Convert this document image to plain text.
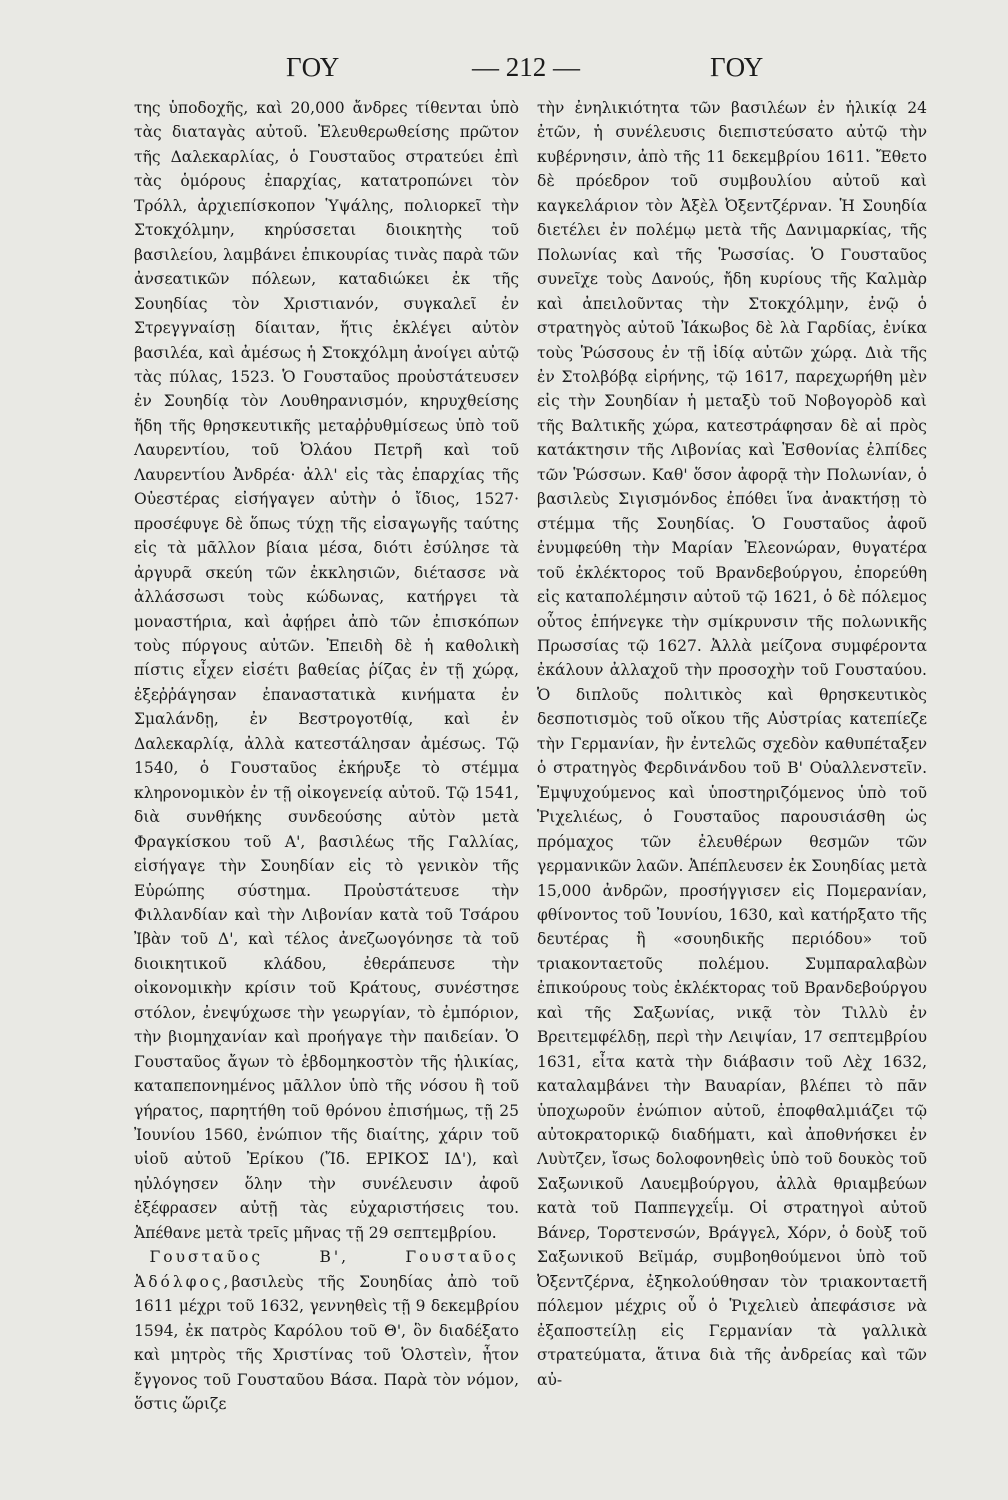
ΓΟΥ	— 212 —	ΓΟΥ

της ὑποδοχῆς, καὶ 20,000 ἄνδρες τίθενται ὑπὸ τὰς διαταγὰς αὐτοῦ. Ἐλευθερωθείσης πρῶτον τῆς Δαλεκαρλίας, ὁ Γουσταῦος στρατεύει ἐπὶ τὰς ὁμόρους ἐπαρχίας, κατατροπώνει τὸν Τρόλλ, ἀρχιεπίσκοπον Ὑψάλης, πολιορκεῖ τὴν Στοκχόλμην, κηρύσσεται διοικητὴς τοῦ βασιλείου, λαμβάνει ἐπικουρίας τινὰς παρὰ τῶν ἀνσεατικῶν πόλεων, καταδιώκει ἐκ τῆς Σουηδίας τὸν Χριστιανόν, συγκαλεῖ ἐν Στρεγγναίσῃ δίαιταν, ἥτις ἐκλέγει αὐτὸν βασιλέα, καὶ ἀμέσως ἡ Στοκχόλμη ἀνοίγει αὐτῷ τὰς πύλας, 1523. Ὁ Γουσταῦος προὐστάτευσεν ἐν Σουηδίᾳ τὸν Λουθηρανισμόν, κηρυχθείσης ἤδη τῆς θρησκευτικῆς μεταῤῥυθμίσεως ὑπὸ τοῦ Λαυρεντίου, τοῦ Ὀλάου Πετρῆ καὶ τοῦ Λαυρεντίου Ἀνδρέα· ἀλλ' εἰς τὰς ἐπαρχίας τῆς Οὐεστέρας εἰσήγαγεν αὐτὴν ὁ ἴδιος, 1527· προσέφυγε δὲ ὅπως τύχῃ τῆς εἰσαγωγῆς ταύτης εἰς τὰ μᾶλλον βίαια μέσα, διότι ἐσύλησε τὰ ἀργυρᾶ σκεύη τῶν ἐκκλησιῶν, διέτασσε νὰ ἀλλάσσωσι τοὺς κώδωνας, κατήργει τὰ μοναστήρια, καὶ ἀφῄρει ἀπὸ τῶν ἐπισκόπων τοὺς πύργους αὐτῶν. Ἐπειδὴ δὲ ἡ καθολικὴ πίστις εἶχεν εἰσέτι βαθείας ῥίζας ἐν τῇ χώρᾳ, ἐξεῤῥάγησαν ἐπαναστατικὰ κινήματα ἐν Σμαλάνδῃ, ἐν Βεστρογοτθίᾳ, καὶ ἐν Δαλεκαρλίᾳ, ἀλλὰ κατεστάλησαν ἀμέσως. Τῷ 1540, ὁ Γουσταῦος ἐκήρυξε τὸ στέμμα κληρονομικὸν ἐν τῇ οἰκογενείᾳ αὐτοῦ. Τῷ 1541, διὰ συνθήκης συνδεούσης αὐτὸν μετὰ Φραγκίσκου τοῦ Α', βασιλέως τῆς Γαλλίας, εἰσήγαγε τὴν Σουηδίαν εἰς τὸ γενικὸν τῆς Εὐρώπης σύστημα. Προὐστάτευσε τὴν Φιλλανδίαν καὶ τὴν Λιβονίαν κατὰ τοῦ Τσάρου Ἰβὰν τοῦ Δ', καὶ τέλος ἀνεζωογόνησε τὰ τοῦ διοικητικοῦ κλάδου, ἐθεράπευσε τὴν οἰκονομικὴν κρίσιν τοῦ Κράτους, συνέστησε στόλον, ἐνεψύχωσε τὴν γεωργίαν, τὸ ἐμπόριον, τὴν βιομηχανίαν καὶ προήγαγε τὴν παιδείαν. Ὁ Γουσταῦος ἄγων τὸ ἑβδομηκοστὸν τῆς ἡλικίας, καταπεπονημένος μᾶλλον ὑπὸ τῆς νόσου ἢ τοῦ γήρατος, παρητήθη τοῦ θρόνου ἐπισήμως, τῇ 25 Ἰουνίου 1560, ἐνώπιον τῆς διαίτης, χάριν τοῦ υἱοῦ αὐτοῦ Ἐρίκου (Ἴδ. ΕΡΙΚΟΣ ΙΔ'), καὶ ηὐλόγησεν ὅλην τὴν συνέλευσιν ἀφοῦ ἐξέφρασεν αὐτῇ τὰς εὐχαριστήσεις του. Ἀπέθανε μετὰ τρεῖς μῆνας τῇ 29 σεπτεμβρίου.

 Γουσταῦος Β', Γουσταῦος Ἀδόλφος,βασιλεὺς τῆς Σουηδίας ἀπὸ τοῦ 1611 μέχρι τοῦ 1632, γεννηθεὶς τῇ 9 δεκεμβρίου 1594, ἐκ πατρὸς Καρόλου τοῦ Θ', ὃν διαδέξατο καὶ μητρὸς τῆς Χριστίνας τοῦ Ὁλστεὶν, ἦτον ἔγγονος τοῦ Γουσταῦου Βάσα. Παρὰ τὸν νόμον, ὅστις ὥριζε

τὴν ἐνηλικιότητα τῶν βασιλέων ἐν ἡλικίᾳ 24 ἐτῶν, ἡ συνέλευσις διεπιστεύσατο αὐτῷ τὴν κυβέρνησιν, ἀπὸ τῆς 11 δεκεμβρίου 1611. Ἔθετο δὲ πρόεδρον τοῦ συμβουλίου αὐτοῦ καὶ καγκελάριον τὸν Ἀξὲλ Ὀξεντζέρναν. Ἡ Σουηδία διετέλει ἐν πολέμῳ μετὰ τῆς Δανιμαρκίας, τῆς Πολωνίας καὶ τῆς Ῥωσσίας. Ὁ Γουσταῦος συνεῖχε τοὺς Δανούς, ἤδη κυρίους τῆς Καλμὰρ καὶ ἀπειλοῦντας τὴν Στοκχόλμην, ἐνῷ ὁ στρατηγὸς αὐτοῦ Ἰάκωβος δὲ λὰ Γαρδίας, ἐνίκα τοὺς Ῥώσσους ἐν τῇ ἰδίᾳ αὐτῶν χώρᾳ. Διὰ τῆς ἐν Στολβόβᾳ εἰρήνης, τῷ 1617, παρεχωρήθη μὲν εἰς τὴν Σουηδίαν ἡ μεταξὺ τοῦ Νοβογορὸδ καὶ τῆς Βαλτικῆς χώρα, κατεστράφησαν δὲ αἱ πρὸς κατάκτησιν τῆς Λιβονίας καὶ Ἐσθονίας ἐλπίδες τῶν Ῥώσσων. Καθ' ὅσον ἀφορᾷ τὴν Πολωνίαν, ὁ βασιλεὺς Σιγισμόνδος ἐπόθει ἵνα ἀνακτήσῃ τὸ στέμμα τῆς Σουηδίας. Ὁ Γουσταῦος ἀφοῦ ἐνυμφεύθη τὴν Μαρίαν Ἐλεονώραν, θυγατέρα τοῦ ἐκλέκτορος τοῦ Βρανδεβούργου, ἐπορεύθη εἰς καταπολέμησιν αὐτοῦ τῷ 1621, ὁ δὲ πόλεμος οὗτος ἐπήνεγκε τὴν σμίκρυνσιν τῆς πολωνικῆς Πρωσσίας τῷ 1627. Ἀλλὰ μείζονα συμφέροντα ἐκάλουν ἀλλαχοῦ τὴν προσοχὴν τοῦ Γουσταύου. Ὁ διπλοῦς πολιτικὸς καὶ θρησκευτικὸς δεσποτισμὸς τοῦ οἴκου τῆς Αὐστρίας κατεπίεζε τὴν Γερμανίαν, ἣν ἐντελῶς σχεδὸν καθυπέταξεν ὁ στρατηγὸς Φερδινάνδου τοῦ Β' Οὐαλλενστεῖν. Ἐμψυχούμενος καὶ ὑποστηριζόμενος ὑπὸ τοῦ Ῥιχελιέως, ὁ Γουσταῦος παρουσιάσθη ὡς πρόμαχος τῶν ἐλευθέρων θεσμῶν τῶν γερμανικῶν λαῶν. Ἀπέπλευσεν ἐκ Σουηδίας μετὰ 15,000 ἀνδρῶν, προσήγγισεν εἰς Πομερανίαν, φθίνοντος τοῦ Ἰουνίου, 1630, καὶ κατήρξατο τῆς δευτέρας ἢ «σουηδικῆς περιόδου» τοῦ τριακονταετοῦς πολέμου. Συμπαραλαβὼν ἐπικούρους τοὺς ἐκλέκτορας τοῦ Βρανδεβούργου καὶ τῆς Σαξωνίας, νικᾷ τὸν Τιλλὺ ἐν Βρειτεμφέλδῃ, περὶ τὴν Λειψίαν, 17 σεπτεμβρίου 1631, εἶτα κατὰ τὴν διάβασιν τοῦ Λὲχ 1632, καταλαμβάνει τὴν Βαυαρίαν, βλέπει τὸ πᾶν ὑποχωροῦν ἐνώπιον αὐτοῦ, ἐποφθαλμιάζει τῷ αὐτοκρατορικῷ διαδήματι, καὶ ἀποθνήσκει ἐν Λυὺτζεν, ἴσως δολοφονηθεὶς ὑπὸ τοῦ δουκὸς τοῦ Σαξωνικοῦ Λαυεμβούργου, ἀλλὰ θριαμβεύων κατὰ τοῦ Παππεγχεΐμ. Οἱ στρατηγοὶ αὐτοῦ Βάνερ, Τορστενσών, Βράγγελ, Χόρν, ὁ δοὺξ τοῦ Σαξωνικοῦ Βεϊμάρ, συμβοηθούμενοι ὑπὸ τοῦ Ὀξεντζέρνα, ἐξηκολούθησαν τὸν τριακονταετῆ πόλεμον μέχρις οὗ ὁ Ῥιχελιεὺ ἀπεφάσισε νὰ ἐξαποστείλῃ εἰς Γερμανίαν τὰ γαλλικὰ στρατεύματα, ἅτινα διὰ τῆς ἀνδρείας καὶ τῶν αὐ-
